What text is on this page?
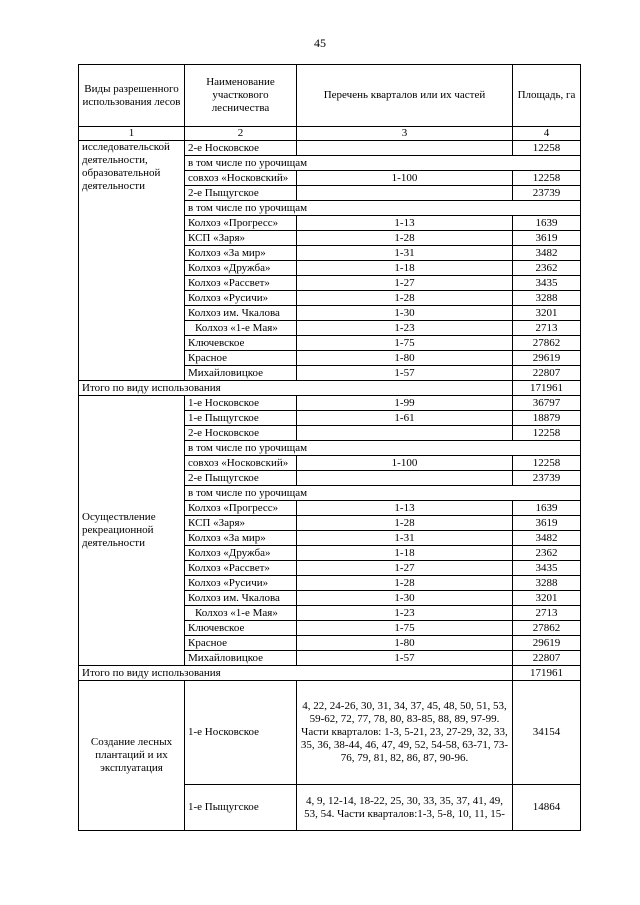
45
Виды разрешенного использования лесов	Наименование участкового лесничества	Перечень кварталов или их частей	Площадь, га
1	2	3	4
исследовательской деятельности, образовательной деятельности	2-е Носковское		12258
	в том числе по урочищам		
	совхоз «Носковский»	1-100	12258
	2-е Пыщугское		23739
	в том числе по урочищам		
	Колхоз «Прогресс»	1-13	1639
	КСП «Заря»	1-28	3619
	Колхоз «За мир»	1-31	3482
	Колхоз «Дружба»	1-18	2362
	Колхоз «Рассвет»	1-27	3435
	Колхоз «Русичи»	1-28	3288
	Колхоз им. Чкалова	1-30	3201
	Колхоз «1-е Мая»	1-23	2713
	Ключевское	1-75	27862
	Красное	1-80	29619
	Михайловицкое	1-57	22807
Итого по виду использования			171961
Осуществление рекреационной деятельности	1-е Носковское	1-99	36797
	1-е Пыщугское	1-61	18879
	2-е Носковское		12258
	в том числе по урочищам		
	совхоз «Носковский»	1-100	12258
	2-е Пыщугское		23739
	в том числе по урочищам		
	Колхоз «Прогресс»	1-13	1639
	КСП «Заря»	1-28	3619
	Колхоз «За мир»	1-31	3482
	Колхоз «Дружба»	1-18	2362
	Колхоз «Рассвет»	1-27	3435
	Колхоз «Русичи»	1-28	3288
	Колхоз им. Чкалова	1-30	3201
	Колхоз «1-е Мая»	1-23	2713
	Ключевское	1-75	27862
	Красное	1-80	29619
	Михайловицкое	1-57	22807
Итого по виду использования			171961
Создание лесных плантаций и их эксплуатация	1-е Носковское	4, 22, 24-26, 30, 31, 34, 37, 45, 48, 50, 51, 53, 59-62, 72, 77, 78, 80, 83-85, 88, 89, 97-99. Части кварталов: 1-3, 5-21, 23, 27-29, 32, 33, 35, 36, 38-44, 46, 47, 49, 52, 54-58, 63-71, 73-76, 79, 81, 82, 86, 87, 90-96.	34154
	1-е Пыщугское	4, 9, 12-14, 18-22, 25, 30, 33, 35, 37, 41, 49, 53, 54. Части кварталов:1-3, 5-8, 10, 11, 15-	14864
